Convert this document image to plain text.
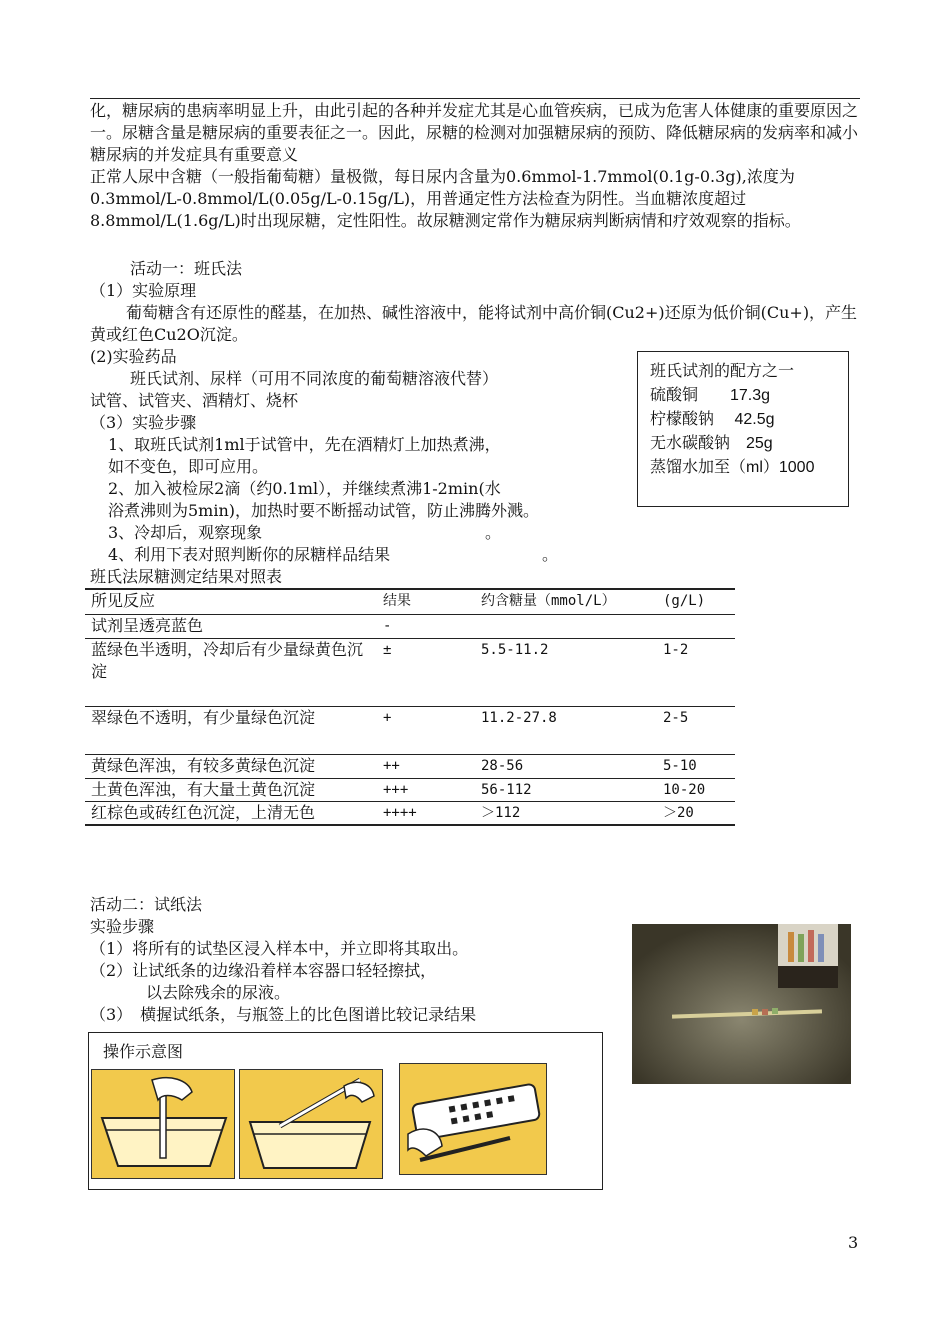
化，糖尿病的患病率明显上升，由此引起的各种并发症尤其是心血管疾病，已成为危害人体健康的重要原因之一。尿糖含量是糖尿病的重要表征之一。因此，尿糖的检测对加强糖尿病的预防、降低糖尿病的发病率和减小糖尿病的并发症具有重要意义

正常人尿中含糖（一般指葡萄糖）量极微，每日尿内含量为0.6mmol-1.7mmol(0.1g-0.3g),浓度为0.3mmol/L-0.8mmol/L(0.05g/L-0.15g/L)，用普通定性方法检查为阴性。当血糖浓度超过8.8mmol/L(1.6g/L)时出现尿糖，定性阳性。故尿糖测定常作为糖尿病判断病情和疗效观察的指标。

活动一：班氏法
（1）实验原理

葡萄糖含有还原性的醛基，在加热、碱性溶液中，能将试剂中高价铜(Cu2+)还原为低价铜(Cu+)，产生黄或红色Cu2O沉淀。

(2)实验药品
班氏试剂、尿样（可用不同浓度的葡萄糖溶液代替）
试管、试管夹、酒精灯、烧杯
（3）实验步骤
1、取班氏试剂1ml于试管中，先在酒精灯上加热煮沸，
如不变色，即可应用。
2、加入被检尿2滴（约0.1ml），并继续煮沸1-2min(水
浴煮沸则为5min)，加热时要不断摇动试管，防止沸腾外溅。
3、冷却后，观察现象	。
4、利用下表对照判断你的尿糖样品结果	。
班氏试剂的配方之一
硫酸铜　　17.3g
柠檬酸钠　 42.5g
无水碳酸钠　25g
蒸馏水加至（ml）1000
班氏法尿糖测定结果对照表
所见反应	结果	约含糖量（mmol/L）	(g/L)
试剂呈透亮蓝色	-		
蓝绿色半透明，冷却后有少量绿黄色沉淀	±	5.5-11.2	1-2
翠绿色不透明，有少量绿色沉淀	+	11.2-27.8	2-5
黄绿色浑浊，有较多黄绿色沉淀	++	28-56	5-10
土黄色浑浊，有大量土黄色沉淀	+++	56-112	10-20
红棕色或砖红色沉淀，上清无色	++++	＞112	＞20
活动二：试纸法
实验步骤
（1）将所有的试垫区浸入样本中，并立即将其取出。
（2）让试纸条的边缘沿着样本容器口轻轻擦拭，
以去除残余的尿液。
（3）　横握试纸条，与瓶签上的比色图谱比较记录结果
操作示意图
3
